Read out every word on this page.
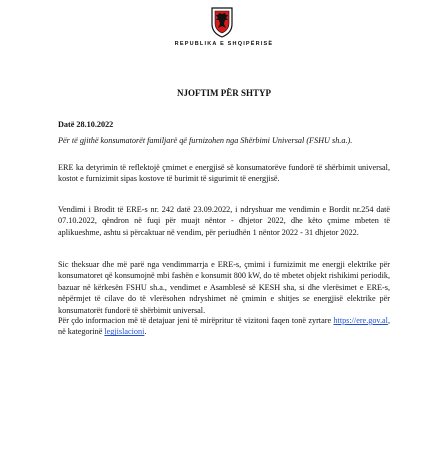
REPUBLIKA E SHQIPËRISË
NJOFTIM PËR SHTYP
Datë 28.10.2022
Për të gjithë konsumatorët familjarë që furnizohen nga Shërbimi Universal (FSHU sh.a.).
ERE ka detyrimin të reflektojë çmimet e energjisë së konsumatorëve fundorë të shërbimit universal, kostot e furnizimit sipas kostove të burimit të sigurimit të energjisë.
Vendimi i Brodit të ERE-s nr. 242 datë 23.09.2022, i ndryshuar me vendimin e Bordit nr.254 datë 07.10.2022, qëndron në fuqi për muajt nëntor - dhjetor 2022, dhe këto çmime mbeten të aplikueshme, ashtu si përcaktuar në vendim, për periudhën 1 nëntor 2022 - 31 dhjetor 2022.
Sic theksuar dhe më parë nga vendimmarrja e ERE-s, çmimi i furnizimit me energji elektrike për konsumatoret që konsumojnë mbi fashën e konsumit 800 kW, do të mbetet objekt rishikimi periodik, bazuar në kërkesën FSHU sh.a., vendimet e Asamblesë së KESH sha, si dhe vlerësimet e ERE-s, nëpërmjet të cilave do të vlerësohen ndryshimet në çmimin e shitjes se energjisë elektrike për konsumatorët fundorë të shërbimit universal.
Për çdo informacion më të detajuar jeni të mirëpritur të vizitoni faqen tonë zyrtare https://ere.gov.al, në kategorinë legjislacioni.
